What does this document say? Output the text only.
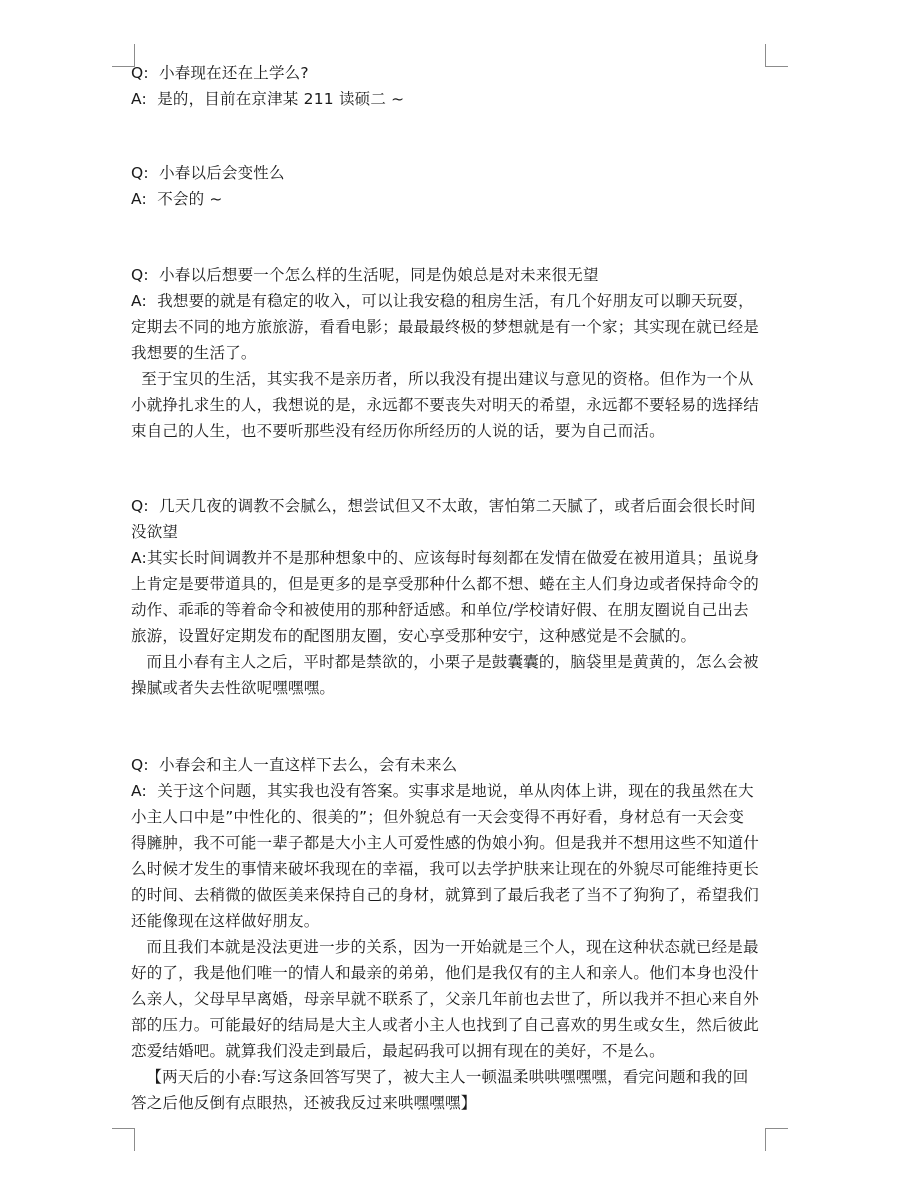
Q:  小春现在还在上学么?

A:  是的，目前在京津某 211 读硕二 ~

Q:  小春以后会变性么

A:  不会的 ~

Q:  小春以后想要一个怎么样的生活呢，同是伪娘总是对未来很无望

A:  我想要的就是有稳定的收入，可以让我安稳的租房生活，有几个好朋友可以聊天玩耍，

定期去不同的地方旅旅游，看看电影；最最最终极的梦想就是有一个家；其实现在就已经是

我想要的生活了。

至于宝贝的生活，其实我不是亲历者，所以我没有提出建议与意见的资格。但作为一个从

小就挣扎求生的人，我想说的是，永远都不要丧失对明天的希望，永远都不要轻易的选择结

束自己的人生，也不要听那些没有经历你所经历的人说的话，要为自己而活。

Q:  几天几夜的调教不会腻么，想尝试但又不太敢，害怕第二天腻了，或者后面会很长时间

没欲望

A:其实长时间调教并不是那种想象中的、应该每时每刻都在发情在做爱在被用道具；虽说身

上肯定是要带道具的，但是更多的是享受那种什么都不想、蜷在主人们身边或者保持命令的

动作、乖乖的等着命令和被使用的那种舒适感。和单位/学校请好假、在朋友圈说自己出去

旅游，设置好定期发布的配图朋友圈，安心享受那种安宁，这种感觉是不会腻的。

而且小春有主人之后，平时都是禁欲的，小栗子是鼓囊囊的，脑袋里是黄黄的，怎么会被

操腻或者失去性欲呢嘿嘿嘿。

Q:  小春会和主人一直这样下去么，会有未来么

A:  关于这个问题，其实我也没有答案。实事求是地说，单从肉体上讲，现在的我虽然在大

小主人口中是”中性化的、很美的”；但外貌总有一天会变得不再好看，身材总有一天会变

得臃肿，我不可能一辈子都是大小主人可爱性感的伪娘小狗。但是我并不想用这些不知道什

么时候才发生的事情来破坏我现在的幸福，我可以去学护肤来让现在的外貌尽可能维持更长

的时间、去稍微的做医美来保持自己的身材，就算到了最后我老了当不了狗狗了，希望我们

还能像现在这样做好朋友。

而且我们本就是没法更进一步的关系，因为一开始就是三个人，现在这种状态就已经是最

好的了，我是他们唯一的情人和最亲的弟弟，他们是我仅有的主人和亲人。他们本身也没什

么亲人，父母早早离婚，母亲早就不联系了，父亲几年前也去世了，所以我并不担心来自外

部的压力。可能最好的结局是大主人或者小主人也找到了自己喜欢的男生或女生，然后彼此

恋爱结婚吧。就算我们没走到最后，最起码我可以拥有现在的美好，不是么。

【两天后的小春:写这条回答写哭了，被大主人一顿温柔哄哄嘿嘿嘿，看完问题和我的回

答之后他反倒有点眼热，还被我反过来哄嘿嘿嘿】
